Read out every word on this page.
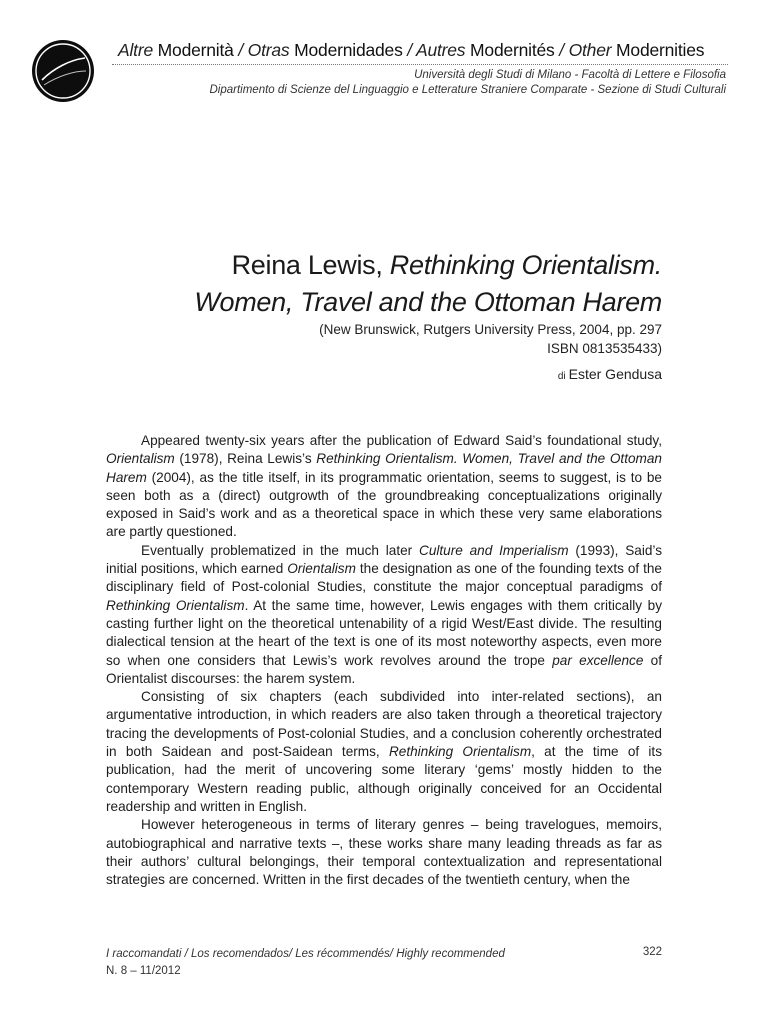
Altre Modernità / Otras Modernidades / Autres Modernités / Other Modernities
Università degli Studi di Milano - Facoltà di Lettere e Filosofia
Dipartimento di Scienze del Linguaggio e Letterature Straniere Comparate - Sezione di Studi Culturali
Reina Lewis, Rethinking Orientalism.
Women, Travel and the Ottoman Harem
(New Brunswick, Rutgers University Press, 2004, pp. 297
ISBN 0813535433)
di Ester Gendusa

Appeared twenty-six years after the publication of Edward Said’s foundational study, Orientalism (1978), Reina Lewis’s Rethinking Orientalism. Women, Travel and the Ottoman Harem (2004), as the title itself, in its programmatic orientation, seems to suggest, is to be seen both as a (direct) outgrowth of the groundbreaking conceptualizations originally exposed in Said’s work and as a theoretical space in which these very same elaborations are partly questioned.

Eventually problematized in the much later Culture and Imperialism (1993), Said’s initial positions, which earned Orientalism the designation as one of the founding texts of the disciplinary field of Post-colonial Studies, constitute the major conceptual paradigms of Rethinking Orientalism. At the same time, however, Lewis engages with them critically by casting further light on the theoretical untenability of a rigid West/East divide. The resulting dialectical tension at the heart of the text is one of its most noteworthy aspects, even more so when one considers that Lewis’s work revolves around the trope par excellence of Orientalist discourses: the harem system.

Consisting of six chapters (each subdivided into inter-related sections), an argumentative introduction, in which readers are also taken through a theoretical trajectory tracing the developments of Post-colonial Studies, and a conclusion coherently orchestrated in both Saidean and post-Saidean terms, Rethinking Orientalism, at the time of its publication, had the merit of uncovering some literary ‘gems’ mostly hidden to the contemporary Western reading public, although originally conceived for an Occidental readership and written in English.

However heterogeneous in terms of literary genres – being travelogues, memoirs, autobiographical and narrative texts –, these works share many leading threads as far as their authors’ cultural belongings, their temporal contextualization and representational strategies are concerned. Written in the first decades of the twentieth century, when the

I raccomandati / Los recomendados/ Les récommendés/ Highly recommended
N. 8 – 11/2012
322
